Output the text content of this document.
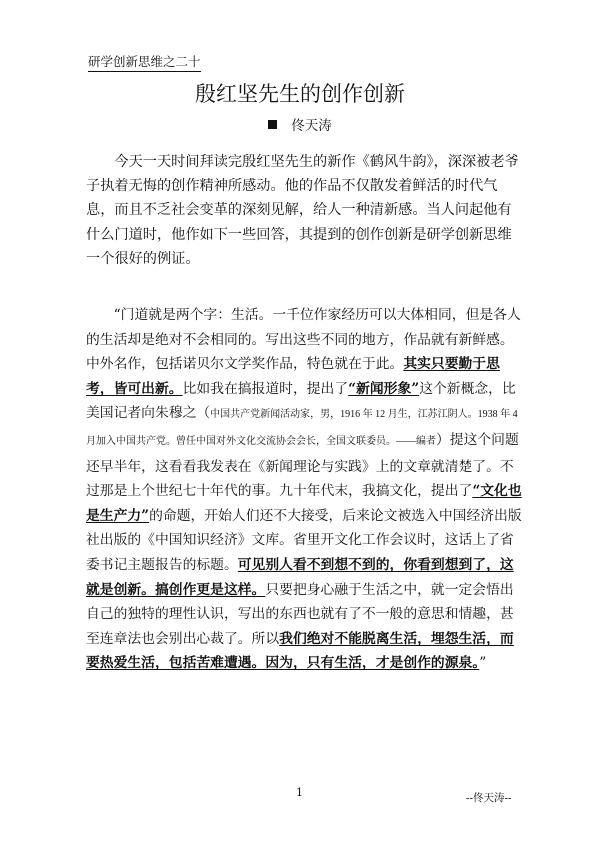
研学创新思维之二十
殷红坚先生的创作创新
佟天涛

今天一天时间拜读完殷红坚先生的新作《鹤风牛韵》，深深被老爷子执着无悔的创作精神所感动。他的作品不仅散发着鲜活的时代气息，而且不乏社会变革的深刻见解，给人一种清新感。当人问起他有什么门道时，他作如下一些回答，其提到的创作创新是研学创新思维一个很好的例证。

“门道就是两个字：生活。一千位作家经历可以大体相同，但是各人的生活却是绝对不会相同的。写出这些不同的地方，作品就有新鲜感。中外名作，包括诺贝尔文学奖作品，特色就在于此。其实只要勤于思考，皆可出新。比如我在搞报道时，提出了“新闻形象”这个新概念，比美国记者向朱穆之（中国共产党新闻活动家，男，1916 年 12 月生，江苏江阴人。1938 年 4 月加入中国共产党。曾任中国对外文化交流协会会长，全国文联委员。——编者）提这个问题还早半年，这看看我发表在《新闻理论与实践》上的文章就清楚了。不过那是上个世纪七十年代的事。九十年代末，我搞文化，提出了“文化也是生产力”的命题，开始人们还不大接受，后来论文被选入中国经济出版社出版的《中国知识经济》文库。省里开文化工作会议时，这话上了省委书记主题报告的标题。可见别人看不到想不到的，你看到想到了，这就是创新。搞创作更是这样。只要把身心融于生活之中，就一定会悟出自己的独特的理性认识，写出的东西也就有了不一般的意思和情趣，甚至连章法也会别出心裁了。所以我们绝对不能脱离生活，埋怨生活，而要热爱生活，包括苦难遭遇。因为，只有生活，才是创作的源泉。”

1	--佟天涛--
